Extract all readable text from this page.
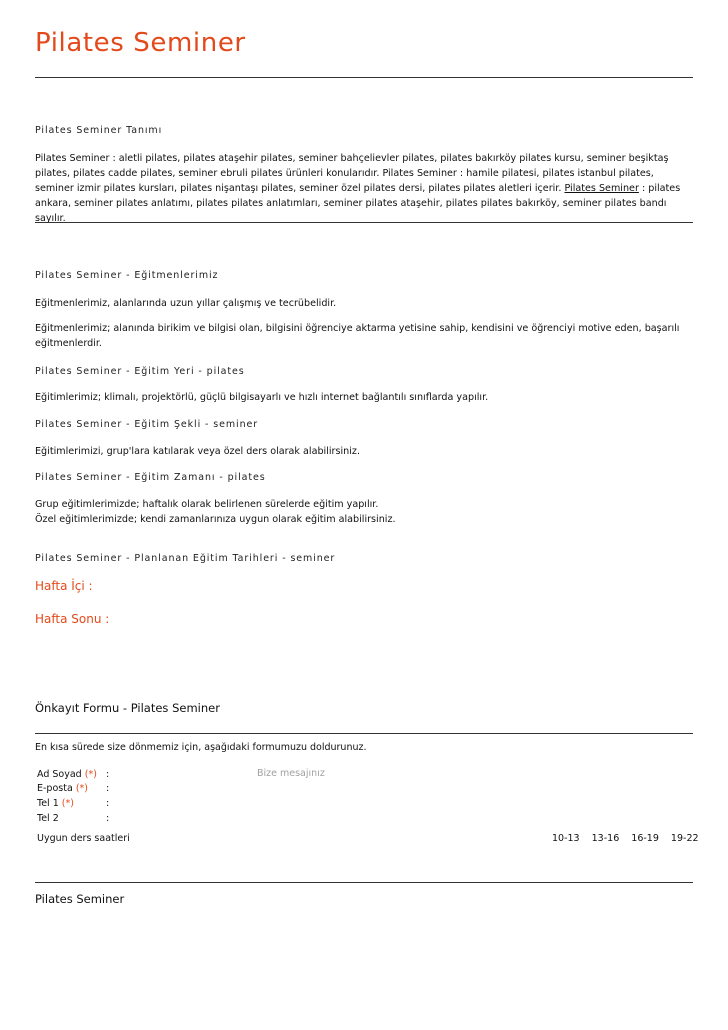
Pilates Seminer
Pilates Seminer Tanımı
Pilates Seminer : aletli pilates, pilates ataşehir pilates, seminer bahçelievler pilates, pilates bakırköy pilates kursu, seminer beşiktaş pilates, pilates cadde pilates, seminer ebruli pilates ürünleri konularıdır. Pilates Seminer : hamile pilatesi, pilates istanbul pilates, seminer izmir pilates kursları, pilates nişantaşı pilates, seminer özel pilates dersi, pilates pilates aletleri içerir. Pilates Seminer : pilates ankara, seminer pilates anlatımı, pilates pilates anlatımları, seminer pilates ataşehir, pilates pilates bakırköy, seminer pilates bandı sayılır.
Pilates Seminer - Eğitmenlerimiz
Eğitmenlerimiz, alanlarında uzun yıllar çalışmış ve tecrübelidir.
Eğitmenlerimiz; alanında birikim ve bilgisi olan, bilgisini öğrenciye aktarma yetisine sahip, kendisini ve öğrenciyi motive eden, başarılı eğitmenlerdir.
Pilates Seminer - Eğitim Yeri - pilates
Eğitimlerimiz; klimalı, projektörlü, güçlü bilgisayarlı ve hızlı internet bağlantılı sınıflarda yapılır.
Pilates Seminer - Eğitim Şekli - seminer
Eğitimlerimizi, grup'lara katılarak veya özel ders olarak alabilirsiniz.
Pilates Seminer - Eğitim Zamanı - pilates
Grup eğitimlerimizde; haftalık olarak belirlenen sürelerde eğitim yapılır.
Özel eğitimlerimizde; kendi zamanlarınıza uygun olarak eğitim alabilirsiniz.
Pilates Seminer - Planlanan Eğitim Tarihleri - seminer
Hafta İçi :
Hafta Sonu :
Önkayıt Formu - Pilates Seminer
En kısa sürede size dönmemiz için, aşağıdaki formumuzu doldurunuz.
Ad Soyad (*) :	Bize mesajınız
E-posta (*) :
Tel 1 (*)	:
Tel 2	:
Uygun ders saatleri	10-13 13-16 16-19 19-22
Pilates Seminer
